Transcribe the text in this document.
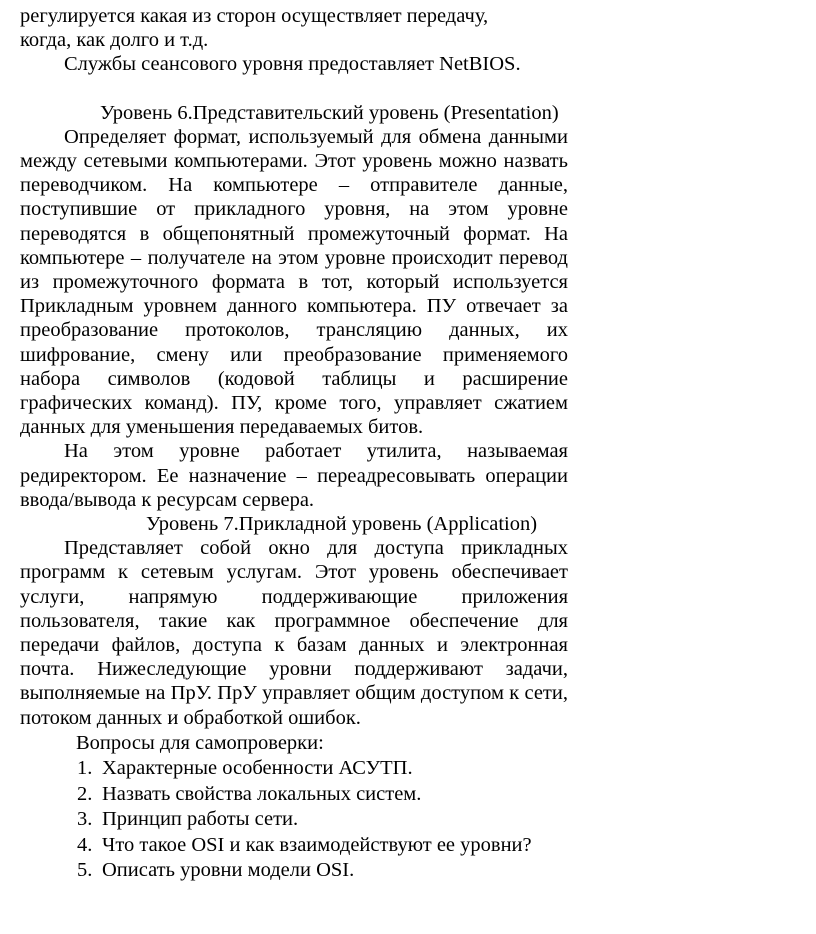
регулируется какая из сторон осуществляет передачу,

когда, как долго и т.д.

Службы сеансового уровня предоставляет NetBIOS.

Уровень 6.Представительский уровень (Presentation)

Определяет формат, используемый для обмена данными между сетевыми компьютерами. Этот уровень можно назвать переводчиком. На компьютере – отправителе данные, поступившие от прикладного уровня, на этом уровне переводятся в общепонятный промежуточный формат. На компьютере – получателе на этом уровне происходит перевод из промежуточного формата в тот, который используется Прикладным уровнем данного компьютера. ПУ отвечает за преобразование протоколов, трансляцию данных, их шифрование, смену или преобразование применяемого набора символов (кодовой таблицы и расширение графических команд). ПУ, кроме того, управляет сжатием данных для уменьшения передаваемых битов.

На этом уровне работает утилита, называемая редиректором. Ее назначение – переадресовывать операции ввода/вывода к ресурсам сервера.

Уровень 7.Прикладной уровень (Application)

Представляет собой окно для доступа прикладных программ к сетевым услугам. Этот уровень обеспечивает услуги, напрямую поддерживающие приложения пользователя, такие как программное обеспечение для передачи файлов, доступа к базам данных и электронная почта. Нижеследующие уровни поддерживают задачи, выполняемые на ПрУ. ПрУ управляет общим доступом к сети, потоком данных и обработкой ошибок.

Вопросы для самопроверки:

1. Характерные особенности АСУТП.
2. Назвать свойства локальных систем.
3. Принцип работы сети.
4. Что такое OSI и как взаимодействуют ее уровни?
5. Описать уровни модели OSI.
